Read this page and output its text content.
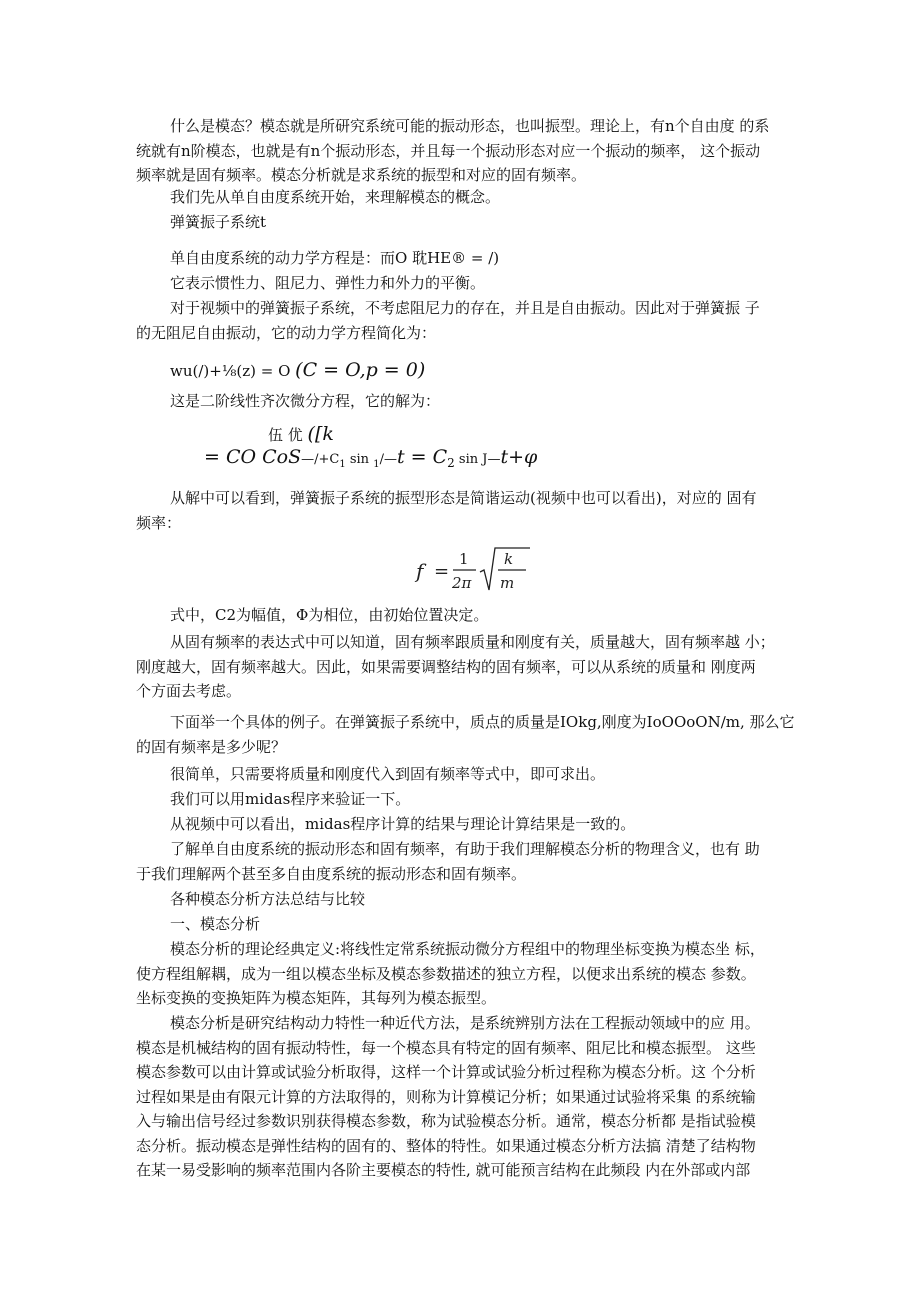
什么是模态？模态就是所研究系统可能的振动形态，也叫振型。理论上，有n个自由度 的系
统就有n阶模态，也就是有n个振动形态，并且每一个振动形态对应一个振动的频率， 这个振动
频率就是固有频率。模态分析就是求系统的振型和对应的固有频率。
我们先从单自由度系统开始，来理解模态的概念。
弹簧振子系统t
单自由度系统的动力学方程是：而O 耽HE® = /)
它表示惯性力、阻尼力、弹性力和外力的平衡。
对于视频中的弹簧振子系统，不考虑阻尼力的存在，并且是自由振动。因此对于弹簧振 子
的无阻尼自由振动，它的动力学方程简化为：
wu(/)+⅛(z) = O (C = O,p = 0)
这是二阶线性齐次微分方程，它的解为：
伍 优 ([k
= CO $CoS—/+C_1$ sin $_1$/—t = $C_2$ sin J—t+φ
从解中可以看到，弹簧振子系统的振型形态是简谐运动(视频中也可以看出)，对应的 固有
频率：
f =
1
2π
k
m
式中，C2为幅值，Φ为相位，由初始位置决定。
从固有频率的表达式中可以知道，固有频率跟质量和刚度有关，质量越大，固有频率越 小；
刚度越大，固有频率越大。因此，如果需要调整结构的固有频率，可以从系统的质量和 刚度两
个方面去考虑。
下面举一个具体的例子。在弹簧振子系统中，质点的质量是IOkg,刚度为IoOOoON∕m, 那么它
的固有频率是多少呢？
很简单，只需要将质量和刚度代入到固有频率等式中，即可求出。
我们可以用midas程序来验证一下。
从视频中可以看出，midas程序计算的结果与理论计算结果是一致的。
了解单自由度系统的振动形态和固有频率，有助于我们理解模态分析的物理含义，也有 助
于我们理解两个甚至多自由度系统的振动形态和固有频率。
各种模态分析方法总结与比较
一、模态分析
模态分析的理论经典定义:将线性定常系统振动微分方程组中的物理坐标变换为模态坐 标，
使方程组解耦，成为一组以模态坐标及模态参数描述的独立方程，以便求出系统的模态 参数。
坐标变换的变换矩阵为模态矩阵，其每列为模态振型。
模态分析是研究结构动力特性一种近代方法，是系统辨别方法在工程振动领域中的应 用。
模态是机械结构的固有振动特性，每一个模态具有特定的固有频率、阻尼比和模态振型。 这些
模态参数可以由计算或试验分析取得，这样一个计算或试验分析过程称为模态分析。这 个分析
过程如果是由有限元计算的方法取得的，则称为计算模记分析；如果通过试验将采集 的系统输
入与输出信号经过参数识别获得模态参数，称为试验模态分析。通常，模态分析都 是指试验模
态分析。振动模态是弹性结构的固有的、整体的特性。如果通过模态分析方法搞 清楚了结构物
在某一易受影响的频率范围内各阶主要模态的特性, 就可能预言结构在此频段 内在外部或内部
